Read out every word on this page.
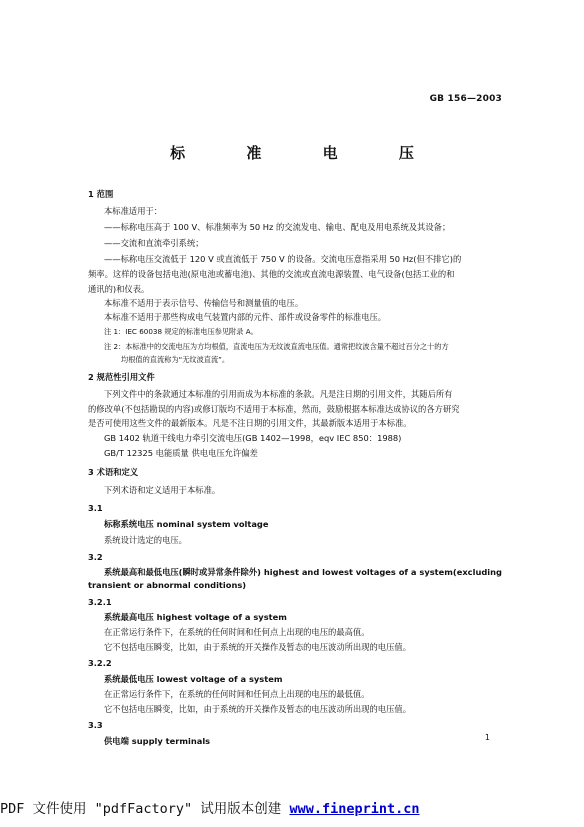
GB 156—2003
标 准 电 压
1 范围
本标准适用于：
——标称电压高于 100 V、标准频率为 50 Hz 的交流发电、输电、配电及用电系统及其设备；
——交流和直流牵引系统；
——标称电压交流低于 120 V 或直流低于 750 V 的设备。交流电压意指采用 50 Hz(但不排它)的
频率。这样的设备包括电池(原电池或蓄电池)、其他的交流或直流电源装置、电气设备(包括工业的和
通讯的)和仪表。
本标准不适用于表示信号、传输信号和测量值的电压。
本标准不适用于那些构成电气装置内部的元件、部件或设备零件的标准电压。
注 1：IEC 60038 规定的标准电压参见附录 A。
注 2：本标准中的交流电压为方均根值，直流电压为无纹波直流电压值。通常把纹波含量不超过百分之十的方
均根值的直流称为“无纹波直流”。
2 规范性引用文件
下列文件中的条款通过本标准的引用而成为本标准的条款。凡是注日期的引用文件，其随后所有
的修改单(不包括勘误的内容)或修订版均不适用于本标准，然而，鼓励根据本标准达成协议的各方研究
是否可使用这些文件的最新版本。凡是不注日期的引用文件，其最新版本适用于本标准。
GB 1402 轨道干线电力牵引交流电压(GB 1402—1998，eqv IEC 850：1988)
GB/T 12325 电能质量 供电电压允许偏差
3 术语和定义
下列术语和定义适用于本标准。
3.1
标称系统电压 nominal system voltage
系统设计选定的电压。
3.2
系统最高和最低电压(瞬时或异常条件除外) highest and lowest voltages of a system(excluding
transient or abnormal conditions)
3.2.1
系统最高电压 highest voltage of a system
在正常运行条件下，在系统的任何时间和任何点上出现的电压的最高值。
它不包括电压瞬变，比如，由于系统的开关操作及暂态的电压波动所出现的电压值。
3.2.2
系统最低电压 lowest voltage of a system
在正常运行条件下，在系统的任何时间和任何点上出现的电压的最低值。
它不包括电压瞬变，比如，由于系统的开关操作及暂态的电压波动所出现的电压值。
3.3
供电端 supply terminals	1
PDF 文件使用 "pdfFactory" 试用版本创建 www.fineprint.cn
